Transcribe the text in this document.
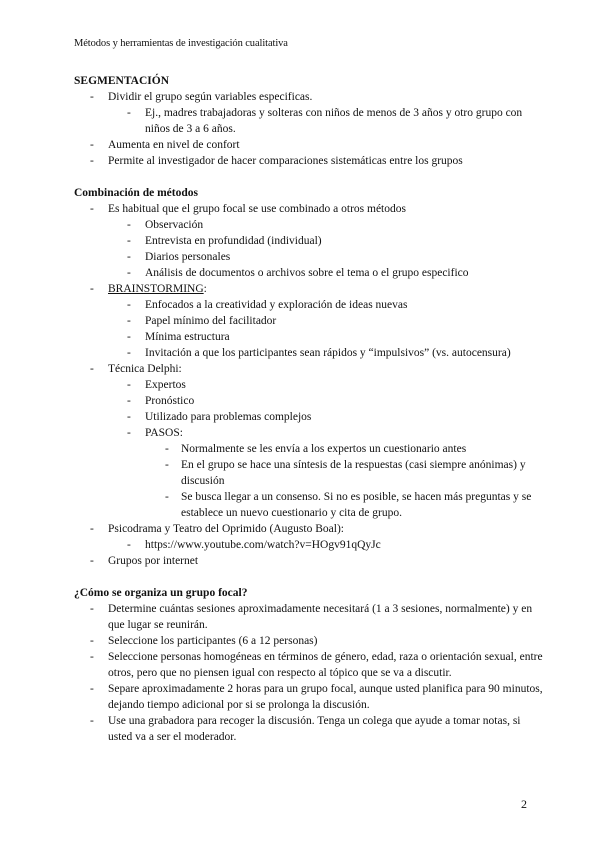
Métodos y herramientas de investigación cualitativa
SEGMENTACIÓN
- Dividir el grupo según variables especificas.
- Ej., madres trabajadoras y solteras con niños de menos de 3 años y otro grupo con niños de 3 a 6 años.
- Aumenta en nivel de confort
- Permite al investigador de hacer comparaciones sistemáticas entre los grupos
Combinación de métodos
- Es habitual que el grupo focal se use combinado a otros métodos
- Observación
- Entrevista en profundidad (individual)
- Diarios personales
- Análisis de documentos o archivos sobre el tema o el grupo especifico
- BRAINSTORMING:
- Enfocados a la creatividad y exploración de ideas nuevas
- Papel mínimo del facilitador
- Mínima estructura
- Invitación a que los participantes sean rápidos y “impulsivos” (vs. autocensura)
- Técnica Delphi:
- Expertos
- Pronóstico
- Utilizado para problemas complejos
- PASOS:
- Normalmente se les envía a los expertos un cuestionario antes
- En el grupo se hace una síntesis de la respuestas (casi siempre anónimas) y discusión
- Se busca llegar a un consenso. Si no es posible, se hacen más preguntas y se establece un nuevo cuestionario y cita de grupo.
- Psicodrama y Teatro del Oprimido (Augusto Boal):
- https://www.youtube.com/watch?v=HOgv91qQyJc
- Grupos por internet
¿Cómo se organiza un grupo focal?
- Determine cuántas sesiones aproximadamente necesitará (1 a 3 sesiones, normalmente) y en que lugar se reunirán.
- Seleccione los participantes (6 a 12 personas)
- Seleccione personas homogéneas en términos de género, edad, raza o orientación sexual, entre otros, pero que no piensen igual con respecto al tópico que se va a discutir.
- Separe aproximadamente 2 horas para un grupo focal, aunque usted planifica para 90 minutos, dejando tiempo adicional por si se prolonga la discusión.
- Use una grabadora para recoger la discusión. Tenga un colega que ayude a tomar notas, si usted va a ser el moderador.
2
